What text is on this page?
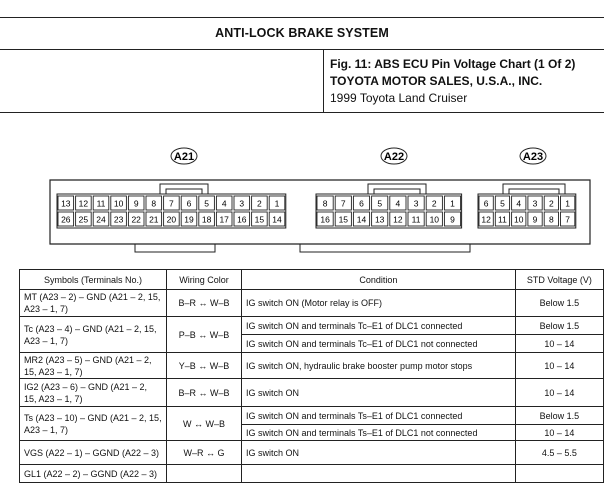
ANTI-LOCK BRAKE SYSTEM
Fig. 11: ABS ECU Pin Voltage Chart (1 Of 2)
TOYOTA MOTOR SALES, U.S.A., INC.
1999 Toyota Land Cruiser
A21
13 12 11 10 9 8 7 6 5 4 3 2 1
26 25 24 23 22 21 20 19 18 17 16 15 14
A22
8 7 6 5 4 3 2 1
16 15 14 13 12 11 10 9
A23
6 5 4 3 2 1
12 11 10 9 8 7
Symbols (Terminals No.)	Wiring Color	Condition	STD Voltage (V)
MT (A23 – 2) – GND (A21 – 2, 15, A23 – 1, 7)	B–R ↔ W–B	IG switch ON (Motor relay is OFF)	Below 1.5
Tc (A23 – 4) – GND (A21 – 2, 15, A23 – 1, 7)	P–B ↔ W–B	IG switch ON and terminals Tc–E1 of DLC1 connected	Below 1.5
		IG switch ON and terminals Tc–E1 of DLC1 not connected	10 – 14
MR2 (A23 – 5) – GND (A21 – 2, 15, A23 – 1, 7)	Y–B ↔ W–B	IG switch ON, hydraulic brake booster pump motor stops	10 – 14
IG2 (A23 – 6) – GND (A21 – 2, 15, A23 – 1, 7)	B–R ↔ W–B	IG switch ON	10 – 14
Ts (A23 – 10) – GND (A21 – 2, 15, A23 – 1, 7)	W ↔ W–B	IG switch ON and terminals Ts–E1 of DLC1 connected	Below 1.5
		IG switch ON and terminals Ts–E1 of DLC1 not connected	10 – 14
VGS (A22 – 1) – GGND (A22 – 3)	W–R ↔ G	IG switch ON	4.5 – 5.5
GL1 (A22 – 2) – GGND (A22 – 3)			
